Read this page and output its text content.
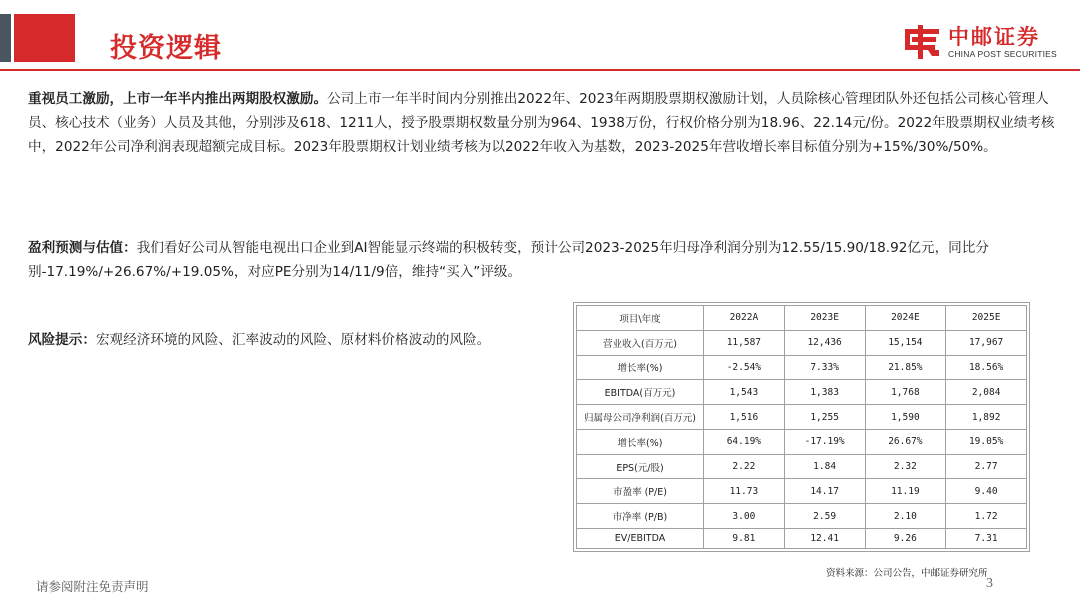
投资逻辑	中邮证券
CHINA POST SECURITIES
重视员工激励，上市一年半内推出两期股权激励。公司上市一年半时间内分别推出2022年、2023年两期股票期权激励计划，人员除核心管理团队外还包括公司核心管理人员、核心技术（业务）人员及其他，分别涉及618、1211人，授予股票期权数量分别为964、1938万份，行权价格分别为18.96、22.14元/份。2022年股票期权业绩考核中，2022年公司净利润表现超额完成目标。2023年股票期权计划业绩考核为以2022年收入为基数，2023-2025年营收增长率目标值分别为+15%/30%/50%。
盈利预测与估值：我们看好公司从智能电视出口企业到AI智能显示终端的积极转变，预计公司2023-2025年归母净利润分别为12.55/15.90/18.92亿元，同比分别-17.19%/+26.67%/+19.05%，对应PE分别为14/11/9倍，维持“买入”评级。
风险提示：宏观经济环境的风险、汇率波动的风险、原材料价格波动的风险。
项目\年度	2022A	2023E	2024E	2025E
营业收入(百万元)	11,587	12,436	15,154	17,967
增长率(%)	-2.54%	7.33%	21.85%	18.56%
EBITDA(百万元)	1,543	1,383	1,768	2,084
归属母公司净利润(百万元)	1,516	1,255	1,590	1,892
增长率(%)	64.19%	-17.19%	26.67%	19.05%
EPS(元/股)	2.22	1.84	2.32	2.77
市盈率 (P/E)	11.73	14.17	11.19	9.40
市净率 (P/B)	3.00	2.59	2.10	1.72
EV/EBITDA	9.81	12.41	9.26	7.31
资料来源：公司公告，中邮证券研究所
3
请参阅附注免责声明
